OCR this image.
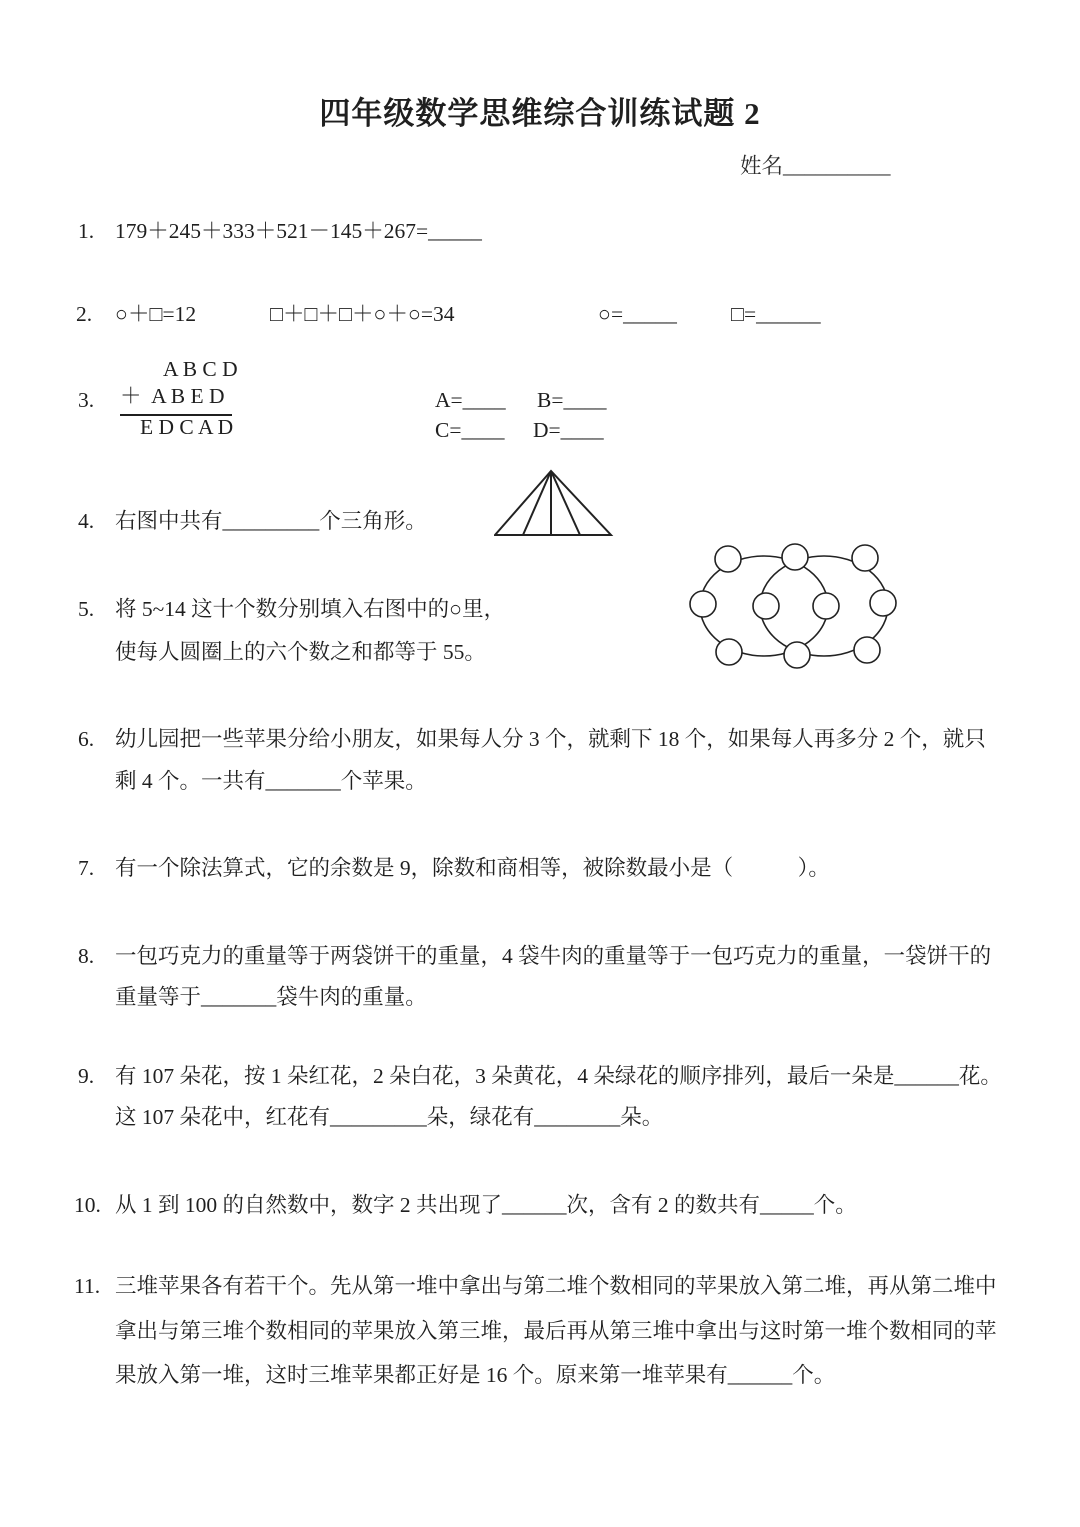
四年级数学思维综合训练试题 2
姓名__________
1. 179＋245＋333＋521－145＋267=_____
2. ○＋□=12	□＋□＋□＋○＋○=34	○=_____	□=______
3.
A B C D
＋  A B E D
E D C A D
A=____ B=____
C=____ D=____
4. 右图中共有_________个三角形。
5. 将 5~14 这十个数分别填入右图中的○里，
使每人圆圈上的六个数之和都等于 55。
6. 幼儿园把一些苹果分给小朋友，如果每人分 3 个，就剩下 18 个，如果每人再多分 2 个，就只
剩 4 个。一共有_______个苹果。
7. 有一个除法算式，它的余数是 9，除数和商相等，被除数最小是（　　　）。
8. 一包巧克力的重量等于两袋饼干的重量，4 袋牛肉的重量等于一包巧克力的重量，一袋饼干的
重量等于_______袋牛肉的重量。
9. 有 107 朵花，按 1 朵红花，2 朵白花，3 朵黄花，4 朵绿花的顺序排列，最后一朵是______花。
这 107 朵花中，红花有_________朵，绿花有________朵。
10. 从 1 到 100 的自然数中，数字 2 共出现了______次，含有 2 的数共有_____个。
11. 三堆苹果各有若干个。先从第一堆中拿出与第二堆个数相同的苹果放入第二堆，再从第二堆中
拿出与第三堆个数相同的苹果放入第三堆，最后再从第三堆中拿出与这时第一堆个数相同的苹
果放入第一堆，这时三堆苹果都正好是 16 个。原来第一堆苹果有______个。
